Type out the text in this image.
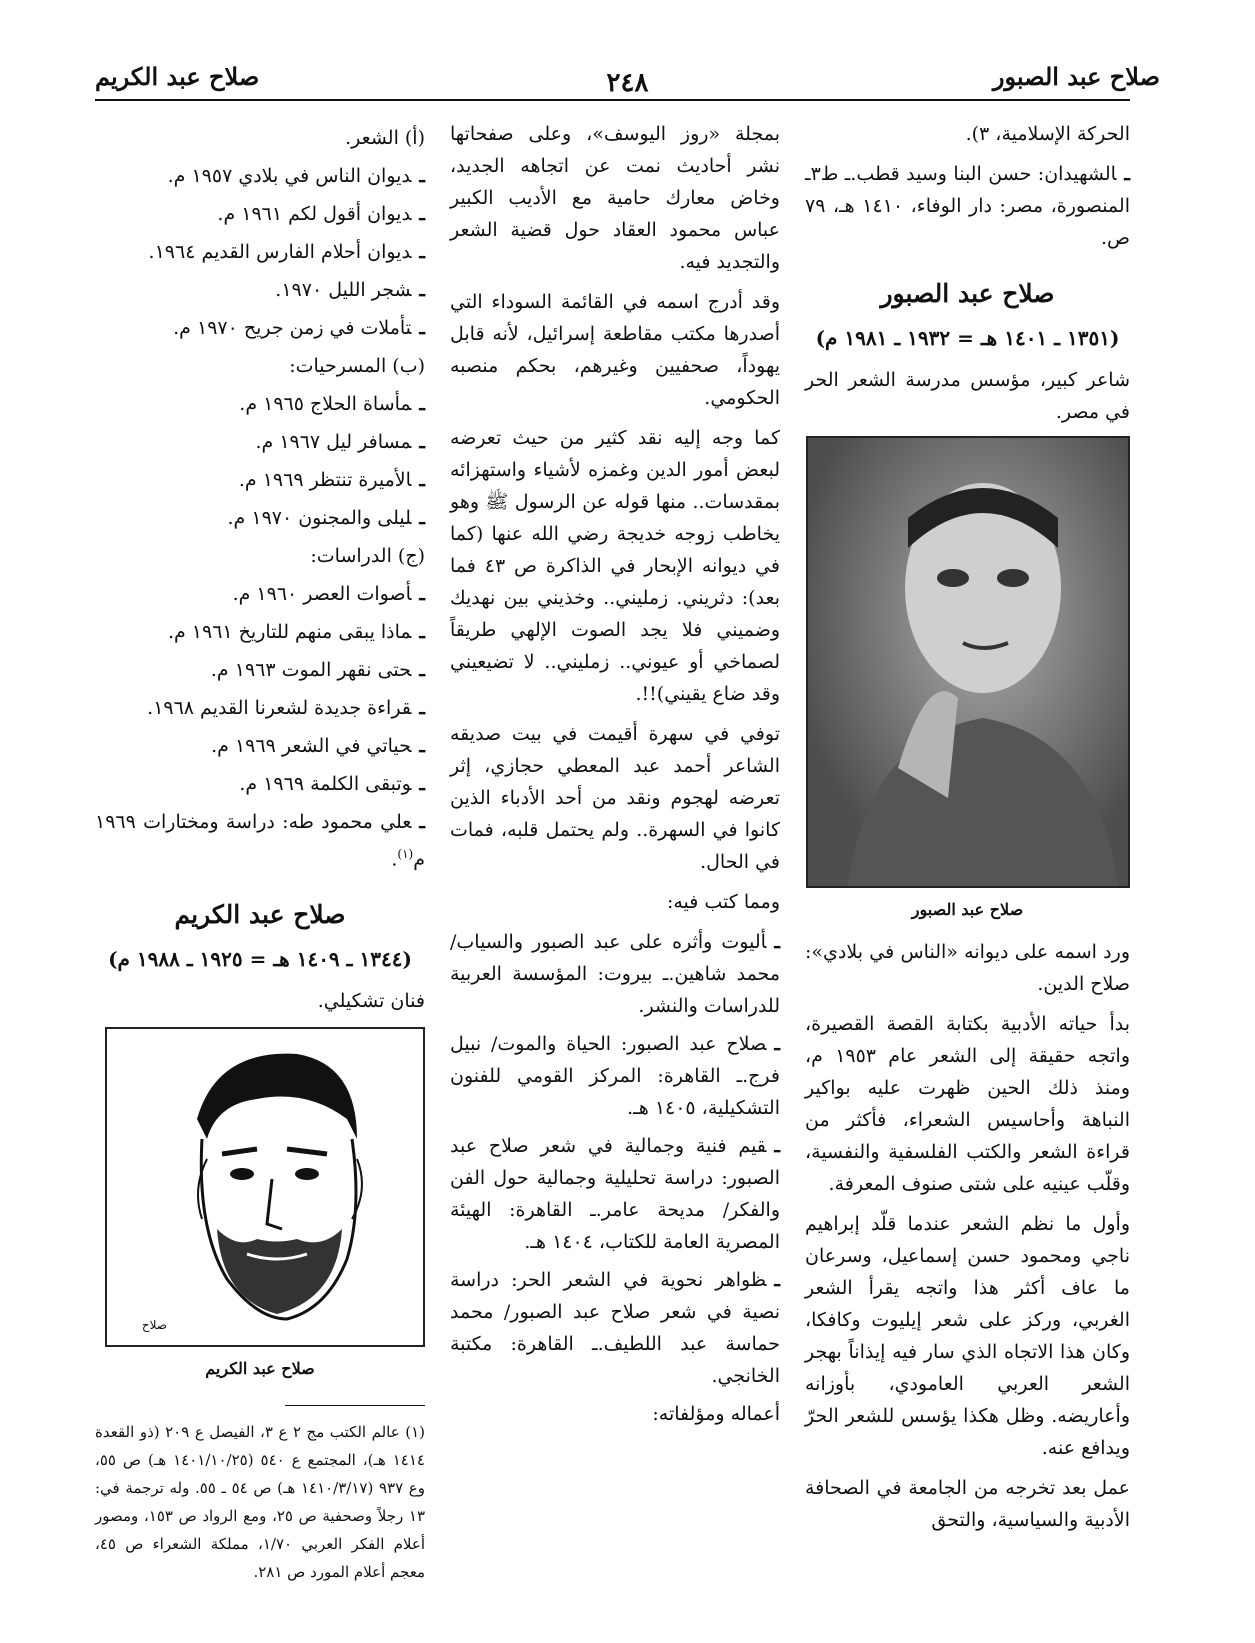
صلاح عبد الصبور
٢٤٨
صلاح عبد الكريم

الحركة الإسلامية، ٣).

ـالشهيدان: حسن البنا وسيد قطب.ـ ط٣ـ المنصورة، مصر: دار الوفاء، ١٤١٠ هـ، ٧٩ ص.
صلاح عبد الصبور
(١٣٥١ ـ ١٤٠١ هـ = ١٩٣٢ ـ ١٩٨١ م)

شاعر كبير، مؤسس مدرسة الشعر الحر في مصر.

صلاح عبد الصبور

ورد اسمه على ديوانه «الناس في بلادي»: صلاح الدين.

بدأ حياته الأدبية بكتابة القصة القصيرة، واتجه حقيقة إلى الشعر عام ١٩٥٣ م، ومنذ ذلك الحين ظهرت عليه بواكير النباهة وأحاسيس الشعراء، فأكثر من قراءة الشعر والكتب الفلسفية والنفسية، وقلّب عينيه على شتى صنوف المعرفة.

وأول ما نظم الشعر عندما قلّد إبراهيم ناجي ومحمود حسن إسماعيل، وسرعان ما عاف أكثر هذا واتجه يقرأ الشعر الغربي، وركز على شعر إيليوت وكافكا، وكان هذا الاتجاه الذي سار فيه إيذاناً بهجر الشعر العربي العامودي، بأوزانه وأعاريضه. وظل هكذا يؤسس للشعر الحرّ ويدافع عنه.

عمل بعد تخرجه من الجامعة في الصحافة الأدبية والسياسية، والتحق

بمجلة «روز اليوسف»، وعلى صفحاتها نشر أحاديث نمت عن اتجاهه الجديد، وخاض معارك حامية مع الأديب الكبير عباس محمود العقاد حول قضية الشعر والتجديد فيه.

وقد أدرج اسمه في القائمة السوداء التي أصدرها مكتب مقاطعة إسرائيل، لأنه قابل يهوداً، صحفيين وغيرهم، بحكم منصبه الحكومي.

كما وجه إليه نقد كثير من حيث تعرضه لبعض أمور الدين وغمزه لأشياء واستهزائه بمقدسات.. منها قوله عن الرسول ﷺ وهو يخاطب زوجه خديجة رضي الله عنها (كما في ديوانه الإبحار في الذاكرة ص ٤٣ فما بعد): دثريني. زمليني.. وخذيني بين نهديك وضميني فلا يجد الصوت الإلهي طريقاً لصماخي أو عيوني.. زمليني.. لا تضيعيني وقد ضاع يقيني)!!.

توفي في سهرة أقيمت في بيت صديقه الشاعر أحمد عبد المعطي حجازي، إثر تعرضه لهجوم ونقد من أحد الأدباء الذين كانوا في السهرة.. ولم يحتمل قلبه، فمات في الحال.

ومما كتب فيه:

ـأليوت وأثره على عبد الصبور والسياب/ محمد شاهين.ـ بيروت: المؤسسة العربية للدراسات والنشر.
ـصلاح عبد الصبور: الحياة والموت/ نبيل فرج.ـ القاهرة: المركز القومي للفنون التشكيلية، ١٤٠٥ هـ.
ـقيم فنية وجمالية في شعر صلاح عبد الصبور: دراسة تحليلية وجمالية حول الفن والفكر/ مديحة عامر.ـ القاهرة: الهيئة المصرية العامة للكتاب، ١٤٠٤ هـ.
ـظواهر نحوية في الشعر الحر: دراسة نصية في شعر صلاح عبد الصبور/ محمد حماسة عبد اللطيف.ـ القاهرة: مكتبة الخانجي.

أعماله ومؤلفاته:

(أ) الشعر.
ـديوان الناس في بلادي ١٩٥٧ م.
ـديوان أقول لكم ١٩٦١ م.
ـديوان أحلام الفارس القديم ١٩٦٤.
ـشجر الليل ١٩٧٠.
ـتأملات في زمن جريح ١٩٧٠ م.
(ب) المسرحيات:
ـمأساة الحلاج ١٩٦٥ م.
ـمسافر ليل ١٩٦٧ م.
ـالأميرة تنتظر ١٩٦٩ م.
ـليلى والمجنون ١٩٧٠ م.
(ج) الدراسات:
ـأصوات العصر ١٩٦٠ م.
ـماذا يبقى منهم للتاريخ ١٩٦١ م.
ـحتى نقهر الموت ١٩٦٣ م.
ـقراءة جديدة لشعرنا القديم ١٩٦٨.
ـحياتي في الشعر ١٩٦٩ م.
ـوتبقى الكلمة ١٩٦٩ م.
ـعلي محمود طه: دراسة ومختارات ١٩٦٩ م$^{(١)}$.
صلاح عبد الكريم
(١٣٤٤ ـ ١٤٠٩ هـ = ١٩٢٥ ـ ١٩٨٨ م)

فنان تشكيلي.

صلاح
صلاح عبد الكريم
(١) عالم الكتب مج ٢ ع ٣، الفيصل ع ٢٠٩ (ذو القعدة ١٤١٤ هـ)، المجتمع ع ٥٤٠ (١٤٠١/١٠/٢٥ هـ) ص ٥٥، وع ٩٣٧ (١٤١٠/٣/١٧ هـ) ص ٥٤ ـ ٥٥. وله ترجمة في: ١٣ رجلاً وصحفية ص ٢٥، ومع الرواد ص ١٥٣، ومصور أعلام الفكر العربي ١/٧٠، مملكة الشعراء ص ٤٥، معجم أعلام المورد ص ٢٨١.
